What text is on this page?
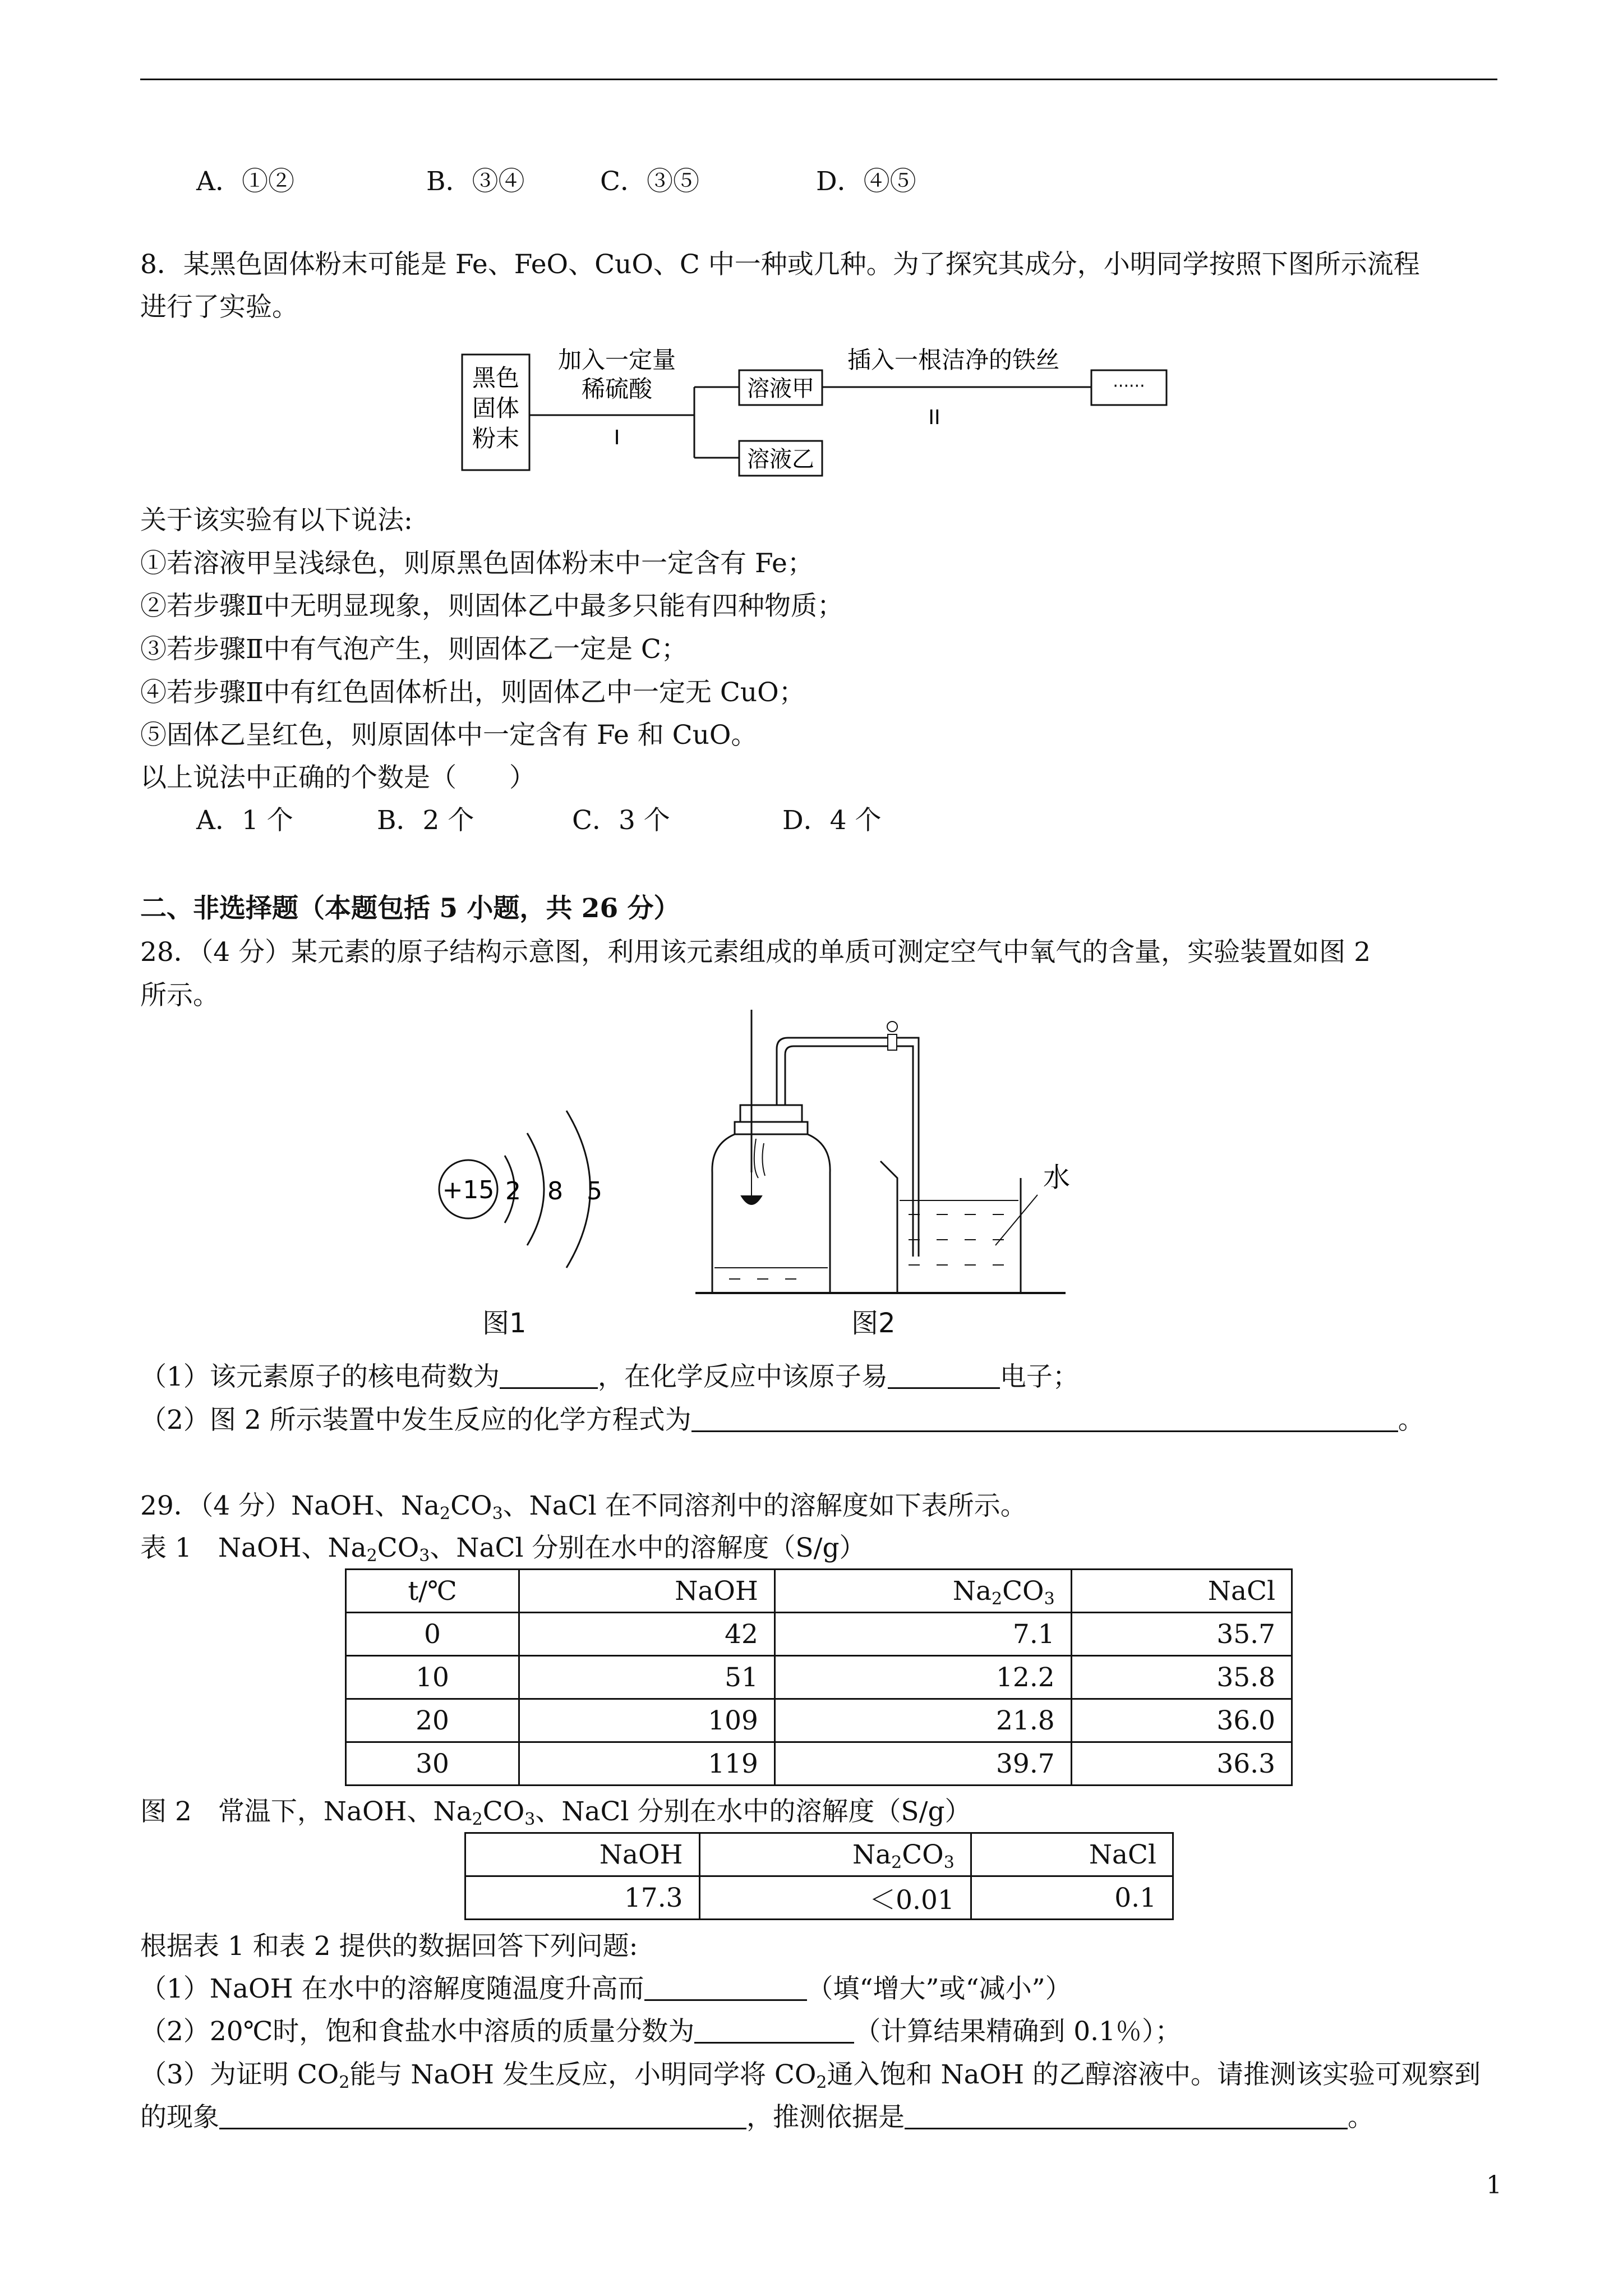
A．①②	B．③④	C．③⑤	D．④⑤
8．某黑色固体粉末可能是 Fe、FeO、CuO、C 中一种或几种。为了探究其成分，小明同学按照下图所示流程
进行了实验。
黑色
固体
粉末
加入一定量
稀硫酸
I
溶液甲
溶液乙
插入一根洁净的铁丝
II
······
关于该实验有以下说法:
①若溶液甲呈浅绿色，则原黑色固体粉末中一定含有 Fe；
②若步骤Ⅱ中无明显现象，则固体乙中最多只能有四种物质；
③若步骤Ⅱ中有气泡产生，则固体乙一定是 C；
④若步骤Ⅱ中有红色固体析出，则固体乙中一定无 CuO；
⑤固体乙呈红色，则原固体中一定含有 Fe 和 CuO。
以上说法中正确的个数是（　　）
A．1 个	B．2 个	C．3 个	D．4 个
二、非选择题（本题包括 5 小题，共 26 分）
28．（4 分）某元素的原子结构示意图，利用该元素组成的单质可测定空气中氧气的含量，实验装置如图 2
所示。
+15 2 8 5
图1
水
图2
（1）该元素原子的核电荷数为	，在化学反应中该原子易	电子；
（2）图 2 所示装置中发生反应的化学方程式为	。
29．（4 分）NaOH、$Na_2CO_3$、NaCl 在不同溶剂中的溶解度如下表所示。
表 1　NaOH、$Na_2CO_3$、NaCl 分别在水中的溶解度（S/g）
t/℃	NaOH	$Na_2CO_3$	NaCl
0	42	7.1	35.7
10	51	12.2	35.8
20	109	21.8	36.0
30	119	39.7	36.3
图 2　常温下，NaOH、$Na_2CO_3$、NaCl 分别在水中的溶解度（S/g）
NaOH	$Na_2CO_3$	NaCl
17.3	＜0.01	0.1
根据表 1 和表 2 提供的数据回答下列问题:
（1）NaOH 在水中的溶解度随温度升高而	（填“增大”或“减小”）
（2）20℃时，饱和食盐水中溶质的质量分数为	（计算结果精确到 0.1％）；
（3）为证明 $CO_2$能与 NaOH 发生反应，小明同学将 $CO_2$通入饱和 NaOH 的乙醇溶液中。请推测该实验可观察到
的现象	，推测依据是	。
1
